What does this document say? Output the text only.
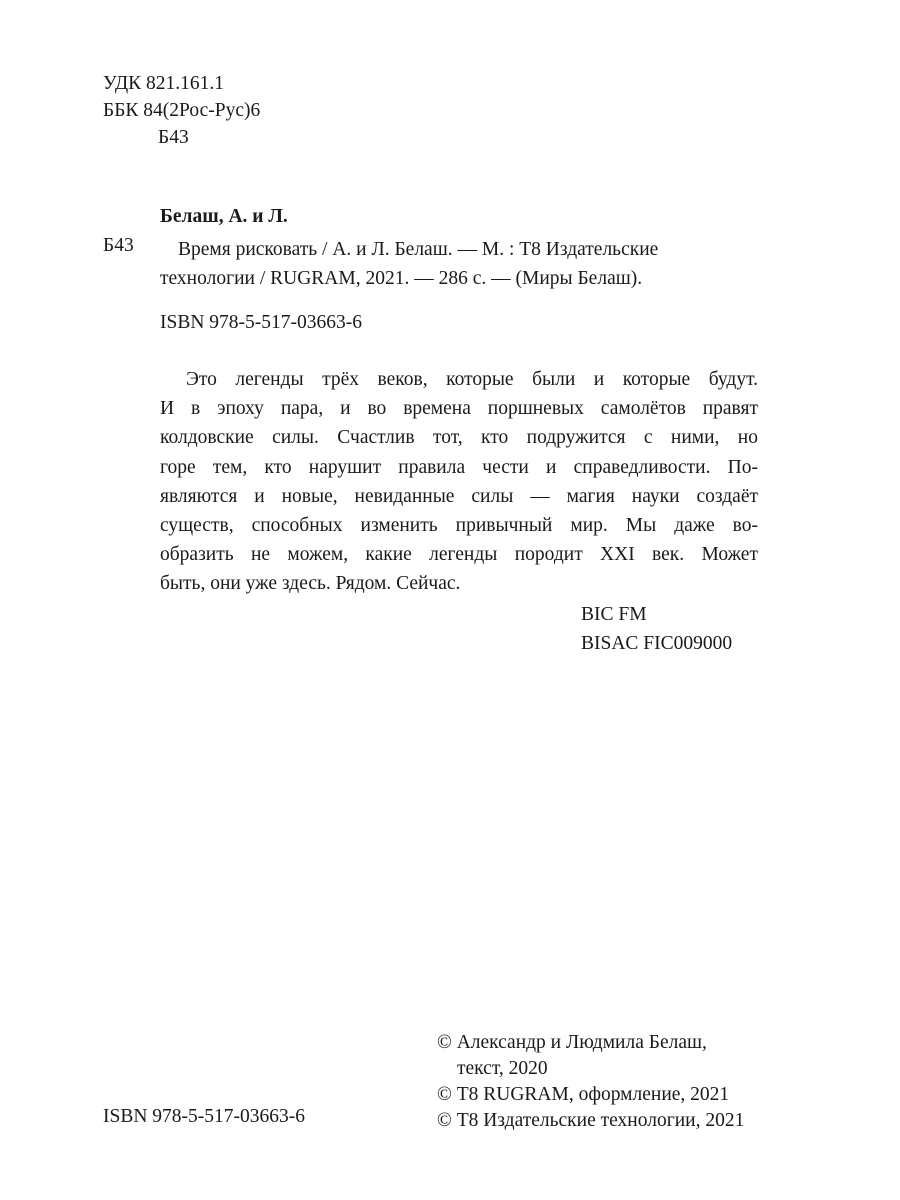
УДК 821.161.1
ББК 84(2Рос-Рус)6
Б43
Белаш, А. и Л.
Б43 Время рисковать / А. и Л. Белаш. — М. : Т8 Издательские
технологии / RUGRAM, 2021. — 286 с. — (Миры Белаш).
ISBN 978-5-517-03663-6
Это легенды трёх веков, которые были и которые будут.
И в эпоху пара, и во времена поршневых самолётов правят
колдовские силы. Счастлив тот, кто подружится с ними, но
горе тем, кто нарушит правила чести и справедливости. По-
являются и новые, невиданные силы — магия науки создаёт
существ, способных изменить привычный мир. Мы даже во-
образить не можем, какие легенды породит XXI век. Может
быть, они уже здесь. Рядом. Сейчас.
BIC FM
BISAC FIC009000
© Александр и Людмила Белаш,
текст, 2020
© Т8 RUGRAM, оформление, 2021
© Т8 Издательские технологии, 2021
ISBN 978-5-517-03663-6
